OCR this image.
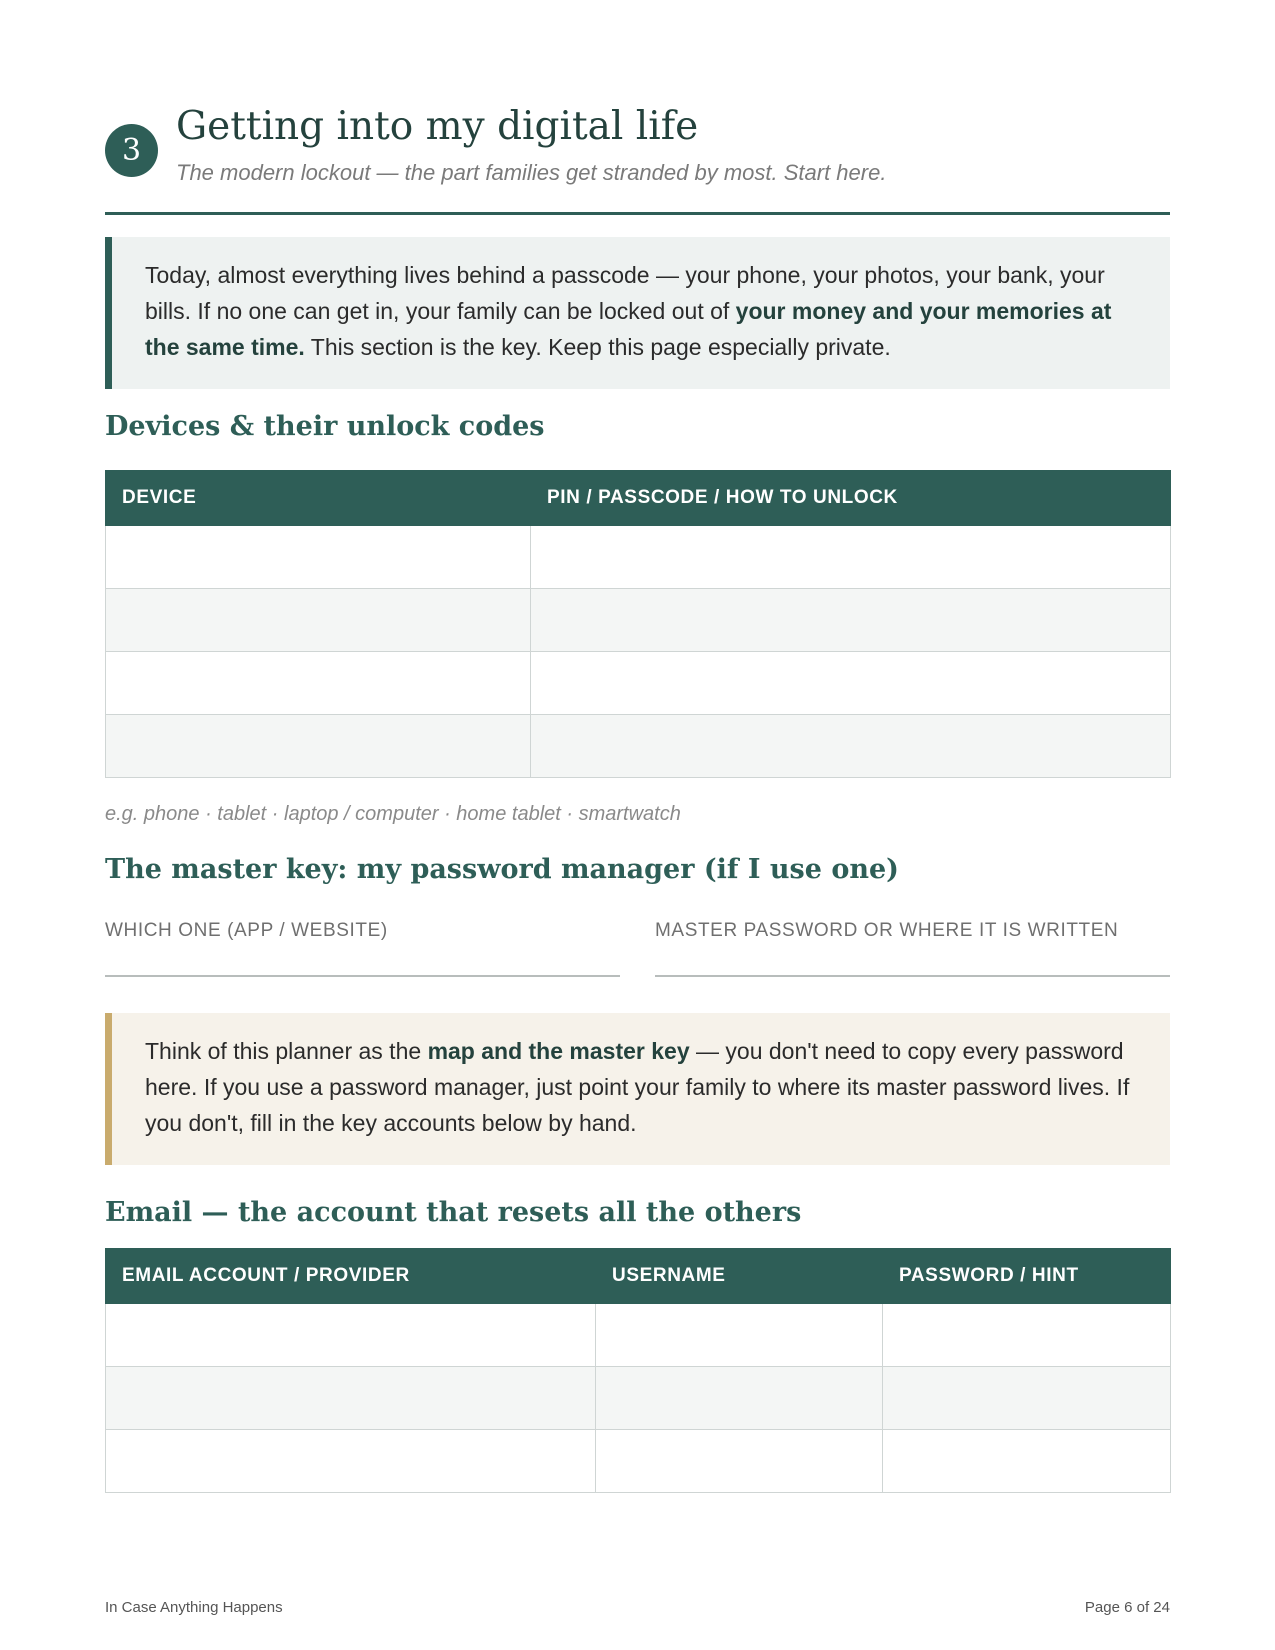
3
Getting into my digital life
The modern lockout — the part families get stranded by most. Start here.
Today, almost everything lives behind a passcode — your phone, your photos, your bank, your bills. If no one can get in, your family can be locked out of your money and your memories at the same time. This section is the key. Keep this page especially private.
Devices & their unlock codes
DEVICE	PIN / PASSCODE / HOW TO UNLOCK

e.g. phone · tablet · laptop / computer · home tablet · smartwatch
The master key: my password manager (if I use one)
WHICH ONE (APP / WEBSITE)	MASTER PASSWORD OR WHERE IT IS WRITTEN
Think of this planner as the map and the master key — you don't need to copy every password here. If you use a password manager, just point your family to where its master password lives. If you don't, fill in the key accounts below by hand.
Email — the account that resets all the others
EMAIL ACCOUNT / PROVIDER	USERNAME	PASSWORD / HINT

In Case Anything Happens	Page 6 of 24
